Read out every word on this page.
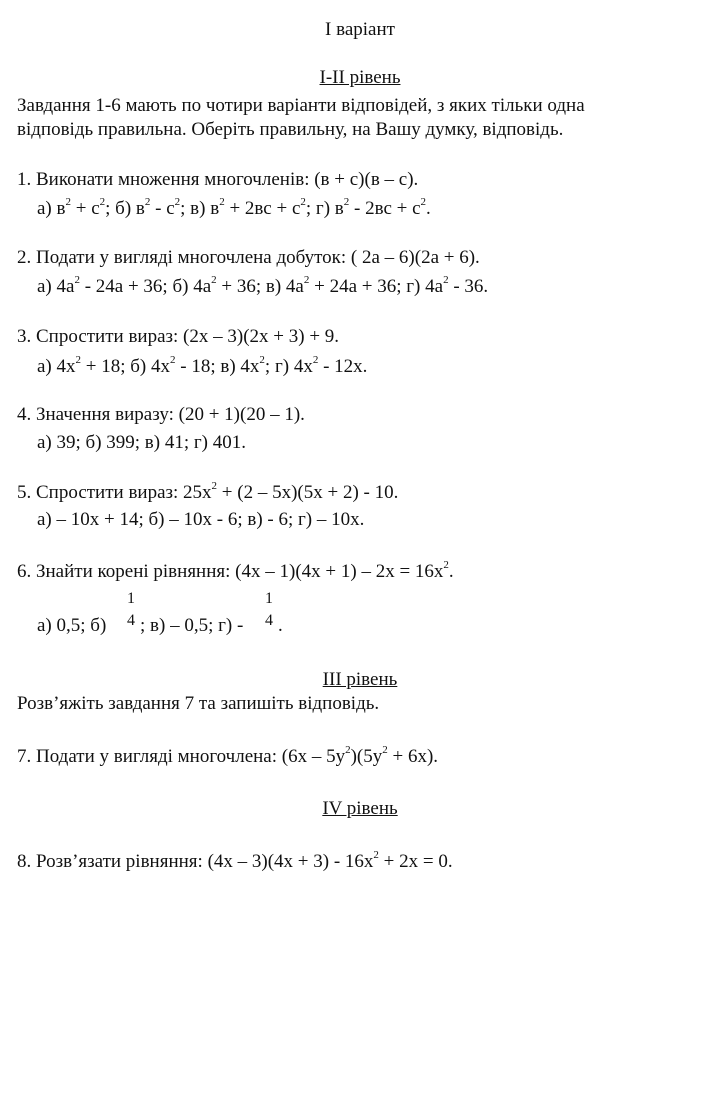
І варіант
І-ІІ рівень
Завдання 1-6 мають по чотири варіанти відповідей, з яких тільки одна
відповідь правильна. Оберіть правильну, на Вашу думку, відповідь.
1. Виконати множення многочленів: (в + с)(в – с).
а) $в^2 + с^2$; б) $в^2 - с^2$; в) $в^2 + 2вс + с^2$; г) $в^2 - 2вс + с^2$.
2. Подати у вигляді многочлена добуток: ( 2а – 6)(2а + 6).
а) $4а^2 - 24а + 36$; б) $4а^2 + 36$; в) $4а^2 + 24а + 36$; г) $4а^2 - 36$.
3. Спростити вираз: (2х – 3)(2х + 3) + 9.
а) $4х^2 + 18$; б) $4х^2 - 18$; в) $4х^2$; г) $4х^2 - 12х$.
4. Значення виразу: (20 + 1)(20 – 1).
а) 39; б) 399; в) 41; г) 401.
5. Спростити вираз: $25x^2 + (2 - 5х)(5х + 2) - 10$.
а) – 10х + 14; б) – 10х - 6; в) - 6; г) – 10х.
6. Знайти корені рівняння: $(4х - 1)(4х + 1) - 2х = 16х^2$.
а) 0,5; б)
1
4 ; в) – 0,5; г) -
1
4 .
ІІІ рівень
Розв’яжіть завдання 7 та запишіть відповідь.
7. Подати у вигляді многочлена: $(6х - 5у^2)(5у^2 + 6х)$.
IV рівень
8. Розв’язати рівняння: $(4х - 3)(4х + 3) - 16х^2 + 2х = 0$.
